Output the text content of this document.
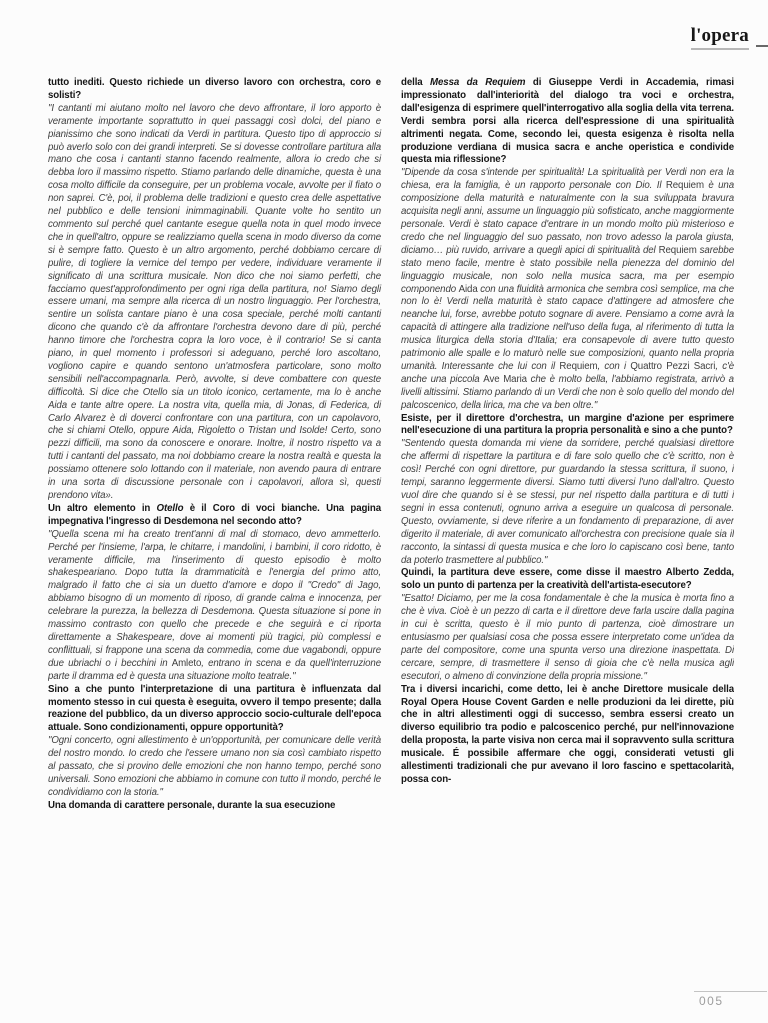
l'opera

tutto inediti. Questo richiede un diverso lavoro con orchestra, coro e solisti?

"I cantanti mi aiutano molto nel lavoro che devo affrontare, il loro apporto è veramente importante soprattutto in quei passaggi così dolci, del piano e pianissimo che sono indicati da Verdi in partitura. Questo tipo di approccio si può averlo solo con dei grandi interpreti. Se si dovesse controllare partitura alla mano che cosa i cantanti stanno facendo realmente, allora io credo che si debba loro il massimo rispetto. Stiamo parlando delle dinamiche, questa è una cosa molto difficile da conseguire, per un problema vocale, avvolte per il fiato o non saprei. C'è, poi, il problema delle tradizioni e questo crea delle aspettative nel pubblico e delle tensioni inimmaginabili. Quante volte ho sentito un commento sul perché quel cantante esegue quella nota in quel modo invece che in quell'altro, oppure se realizziamo quella scena in modo diverso da come si è sempre fatto. Questo è un altro argomento, perché dobbiamo cercare di pulire, di togliere la vernice del tempo per vedere, individuare veramente il significato di una scrittura musicale. Non dico che noi siamo perfetti, che facciamo quest'approfondimento per ogni riga della partitura, no! Siamo degli essere umani, ma sempre alla ricerca di un nostro linguaggio. Per l'orchestra, sentire un solista cantare piano è una cosa speciale, perché molti cantanti dicono che quando c'è da affrontare l'orchestra devono dare di più, perché hanno timore che l'orchestra copra la loro voce, è il contrario! Se si canta piano, in quel momento i professori si adeguano, perché loro ascoltano, vogliono capire e quando sentono un'atmosfera particolare, sono molto sensibili nell'accompagnarla. Però, avvolte, si deve combattere con queste difficoltà. Si dice che Otello sia un titolo iconico, certamente, ma lo è anche Aida e tante altre opere. La nostra vita, quella mia, di Jonas, di Federica, di Carlo Alvarez è di doverci confrontare con una partitura, con un capolavoro, che si chiami Otello, oppure Aida, Rigoletto o Tristan und Isolde! Certo, sono pezzi difficili, ma sono da conoscere e onorare. Inoltre, il nostro rispetto va a tutti i cantanti del passato, ma noi dobbiamo creare la nostra realtà e questa la possiamo ottenere solo lottando con il materiale, non avendo paura di entrare in una sorta di discussione personale con i capolavori, allora sì, questi prendono vita».

Un altro elemento in Otello è il Coro di voci bianche. Una pagina impegnativa l'ingresso di Desdemona nel secondo atto?

"Quella scena mi ha creato trent'anni di mal di stomaco, devo ammetterlo. Perché per l'insieme, l'arpa, le chitarre, i mandolini, i bambini, il coro ridotto, è veramente difficile, ma l'inserimento di questo episodio è molto shakespeariano. Dopo tutta la drammaticità e l'energia del primo atto, malgrado il fatto che ci sia un duetto d'amore e dopo il "Credo" di Jago, abbiamo bisogno di un momento di riposo, di grande calma e innocenza, per celebrare la purezza, la bellezza di Desdemona. Questa situazione si pone in massimo contrasto con quello che precede e che seguirà e ci riporta direttamente a Shakespeare, dove ai momenti più tragici, più complessi e conflittuali, si frappone una scena da commedia, come due vagabondi, oppure due ubriachi o i becchini in Amleto, entrano in scena e da quell'interruzione parte il dramma ed è questa una situazione molto teatrale."

Sino a che punto l'interpretazione di una partitura è influenzata dal momento stesso in cui questa è eseguita, ovvero il tempo presente; dalla reazione del pubblico, da un diverso approccio socio-culturale dell'epoca attuale. Sono condizionamenti, oppure opportunità?

"Ogni concerto, ogni allestimento è un'opportunità, per comunicare delle verità del nostro mondo. Io credo che l'essere umano non sia così cambiato rispetto al passato, che si provino delle emozioni che non hanno tempo, perché sono universali. Sono emozioni che abbiamo in comune con tutto il mondo, perché le condividiamo con la storia."

Una domanda di carattere personale, durante la sua esecuzione

della Messa da Requiem di Giuseppe Verdi in Accademia, rimasi impressionato dall'interiorità del dialogo tra voci e orchestra, dall'esigenza di esprimere quell'interrogativo alla soglia della vita terrena. Verdi sembra porsi alla ricerca dell'espressione di una spiritualità altrimenti negata. Come, secondo lei, questa esigenza è risolta nella produzione verdiana di musica sacra e anche operistica e condivide questa mia riflessione?

"Dipende da cosa s'intende per spiritualità! La spiritualità per Verdi non era la chiesa, era la famiglia, è un rapporto personale con Dio. Il Requiem è una composizione della maturità e naturalmente con la sua sviluppata bravura acquisita negli anni, assume un linguaggio più sofisticato, anche maggiormente personale. Verdi è stato capace d'entrare in un mondo molto più misterioso e credo che nel linguaggio del suo passato, non trovo adesso la parola giusta, diciamo… più ruvido, arrivare a quegli apici di spiritualità del Requiem sarebbe stato meno facile, mentre è stato possibile nella pienezza del dominio del linguaggio musicale, non solo nella musica sacra, ma per esempio componendo Aida con una fluidità armonica che sembra così semplice, ma che non lo è! Verdi nella maturità è stato capace d'attingere ad atmosfere che neanche lui, forse, avrebbe potuto sognare di avere. Pensiamo a come avrà la capacità di attingere alla tradizione nell'uso della fuga, al riferimento di tutta la musica liturgica della storia d'Italia; era consapevole di avere tutto questo patrimonio alle spalle e lo maturò nelle sue composizioni, quanto nella propria umanità. Interessante che lui con il Requiem, con i Quattro Pezzi Sacri, c'è anche una piccola Ave Maria che è molto bella, l'abbiamo registrata, arrivò a livelli altissimi. Stiamo parlando di un Verdi che non è solo quello del mondo del palcoscenico, della lirica, ma che va ben oltre."

Esiste, per il direttore d'orchestra, un margine d'azione per esprimere nell'esecuzione di una partitura la propria personalità e sino a che punto?

"Sentendo questa domanda mi viene da sorridere, perché qualsiasi direttore che affermi di rispettare la partitura e di fare solo quello che c'è scritto, non è così! Perché con ogni direttore, pur guardando la stessa scrittura, il suono, i tempi, saranno leggermente diversi. Siamo tutti diversi l'uno dall'altro. Questo vuol dire che quando si è se stessi, pur nel rispetto dalla partitura e di tutti i segni in essa contenuti, ognuno arriva a eseguire un qualcosa di personale. Questo, ovviamente, si deve riferire a un fondamento di preparazione, di aver digerito il materiale, di aver comunicato all'orchestra con precisione quale sia il racconto, la sintassi di questa musica e che loro lo capiscano così bene, tanto da poterlo trasmettere al pubblico."

Quindi, la partitura deve essere, come disse il maestro Alberto Zedda, solo un punto di partenza per la creatività dell'artista-esecutore?

"Esatto! Diciamo, per me la cosa fondamentale è che la musica è morta fino a che è viva. Cioè è un pezzo di carta e il direttore deve farla uscire dalla pagina in cui è scritta, questo è il mio punto di partenza, cioè dimostrare un entusiasmo per qualsiasi cosa che possa essere interpretato come un'idea da parte del compositore, come una spunta verso una direzione inaspettata. Di cercare, sempre, di trasmettere il senso di gioia che c'è nella musica agli esecutori, o almeno di convinzione della propria missione."

Tra i diversi incarichi, come detto, lei è anche Direttore musicale della Royal Opera House Covent Garden e nelle produzioni da lei dirette, più che in altri allestimenti oggi di successo, sembra essersi creato un diverso equilibrio tra podio e palcoscenico perché, pur nell'innovazione della proposta, la parte visiva non cerca mai il sopravvento sulla scrittura musicale. É possibile affermare che oggi, considerati vetusti gli allestimenti tradizionali che pur avevano il loro fascino e spettacolarità, possa con-

005
